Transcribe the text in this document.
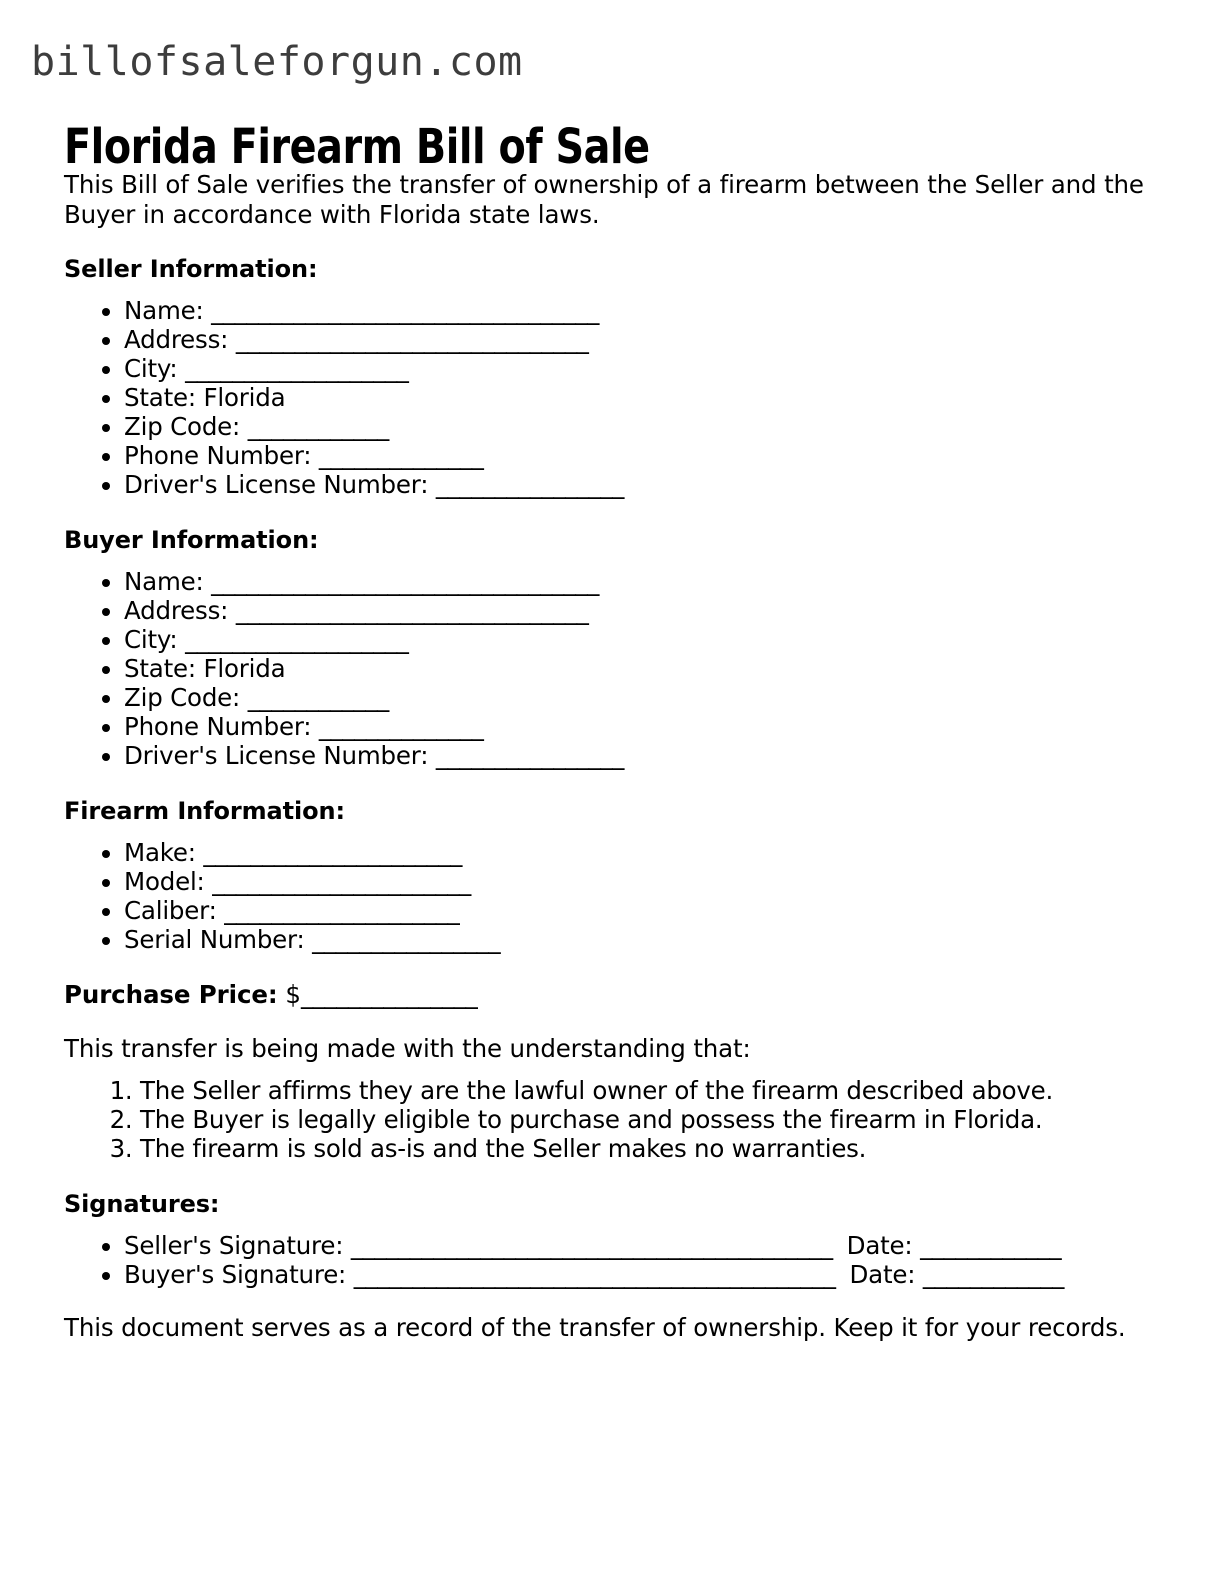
billofsaleforgun.com
Florida Firearm Bill of Sale

This Bill of Sale verifies the transfer of ownership of a firearm between the Seller and the Buyer in accordance with Florida state laws.

Seller Information:
• Name: _________________________________
• Address: ______________________________
• City: ___________________
• State: Florida
• Zip Code: ____________
• Phone Number: ______________
• Driver's License Number: ________________
Buyer Information:
• Name: _________________________________
• Address: ______________________________
• City: ___________________
• State: Florida
• Zip Code: ____________
• Phone Number: ______________
• Driver's License Number: ________________
Firearm Information:
• Make: ______________________
• Model: ______________________
• Caliber: ____________________
• Serial Number: ________________
Purchase Price: $_______________

This transfer is being made with the understanding that:

1. The Seller affirms they are the lawful owner of the firearm described above.
2. The Buyer is legally eligible to purchase and possess the firearm in Florida.
3. The firearm is sold as-is and the Seller makes no warranties.
Signatures:
• Seller's Signature: _________________________________________ Date: ____________
• Buyer's Signature: _________________________________________ Date: ____________

This document serves as a record of the transfer of ownership. Keep it for your records.
